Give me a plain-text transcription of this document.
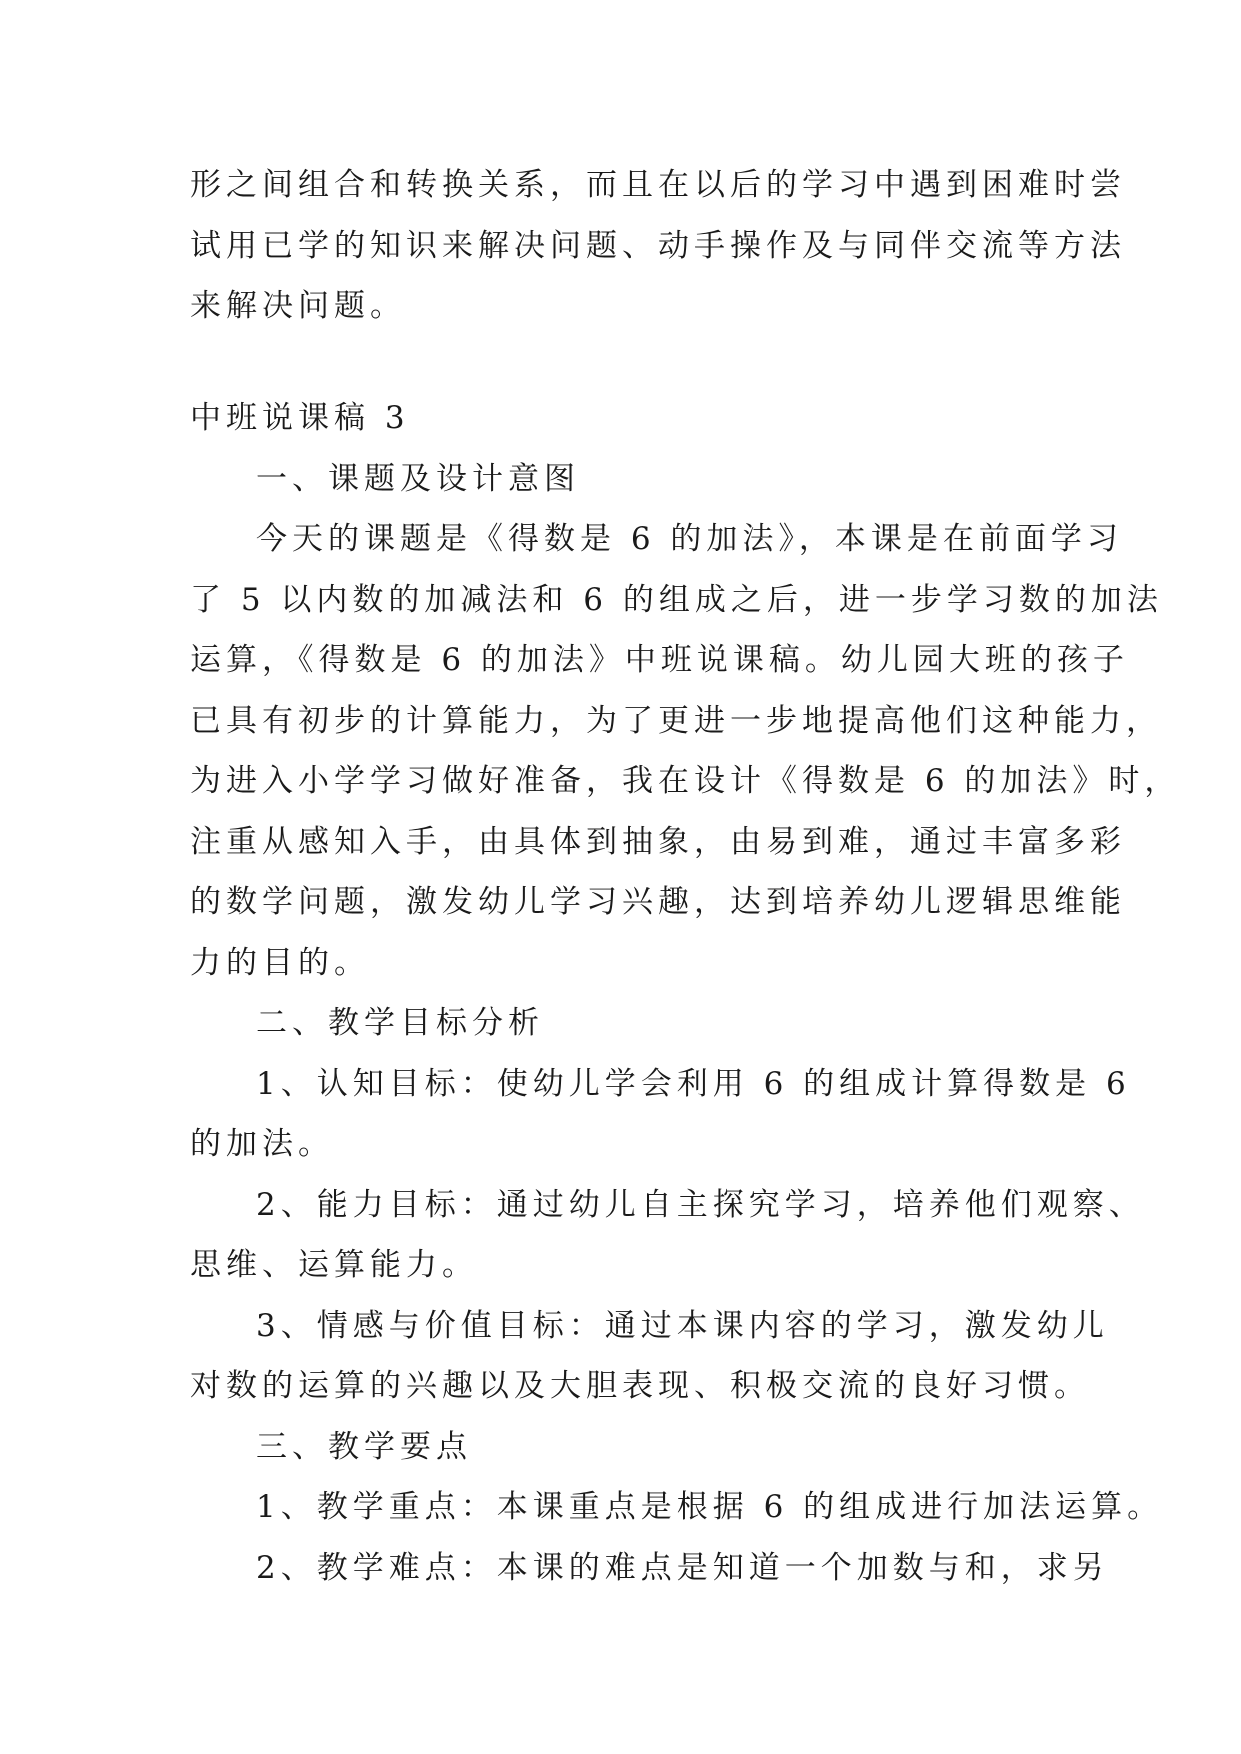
形之间组合和转换关系，而且在以后的学习中遇到困难时尝

试用已学的知识来解决问题、动手操作及与同伴交流等方法

来解决问题。

中班说课稿 3

一、课题及设计意图

今天的课题是《得数是 6 的加法》，本课是在前面学习

了 5 以内数的加减法和 6 的组成之后，进一步学习数的加法

运算，《得数是 6 的加法》中班说课稿。幼儿园大班的孩子

已具有初步的计算能力，为了更进一步地提高他们这种能力，

为进入小学学习做好准备，我在设计《得数是 6 的加法》时，

注重从感知入手，由具体到抽象，由易到难，通过丰富多彩

的数学问题，激发幼儿学习兴趣，达到培养幼儿逻辑思维能

力的目的。

二、教学目标分析

1、认知目标：使幼儿学会利用 6 的组成计算得数是 6

的加法。

2、能力目标：通过幼儿自主探究学习，培养他们观察、

思维、运算能力。

3、情感与价值目标：通过本课内容的学习，激发幼儿

对数的运算的兴趣以及大胆表现、积极交流的良好习惯。

三、教学要点

1、教学重点：本课重点是根据 6 的组成进行加法运算。

2、教学难点：本课的难点是知道一个加数与和，求另
